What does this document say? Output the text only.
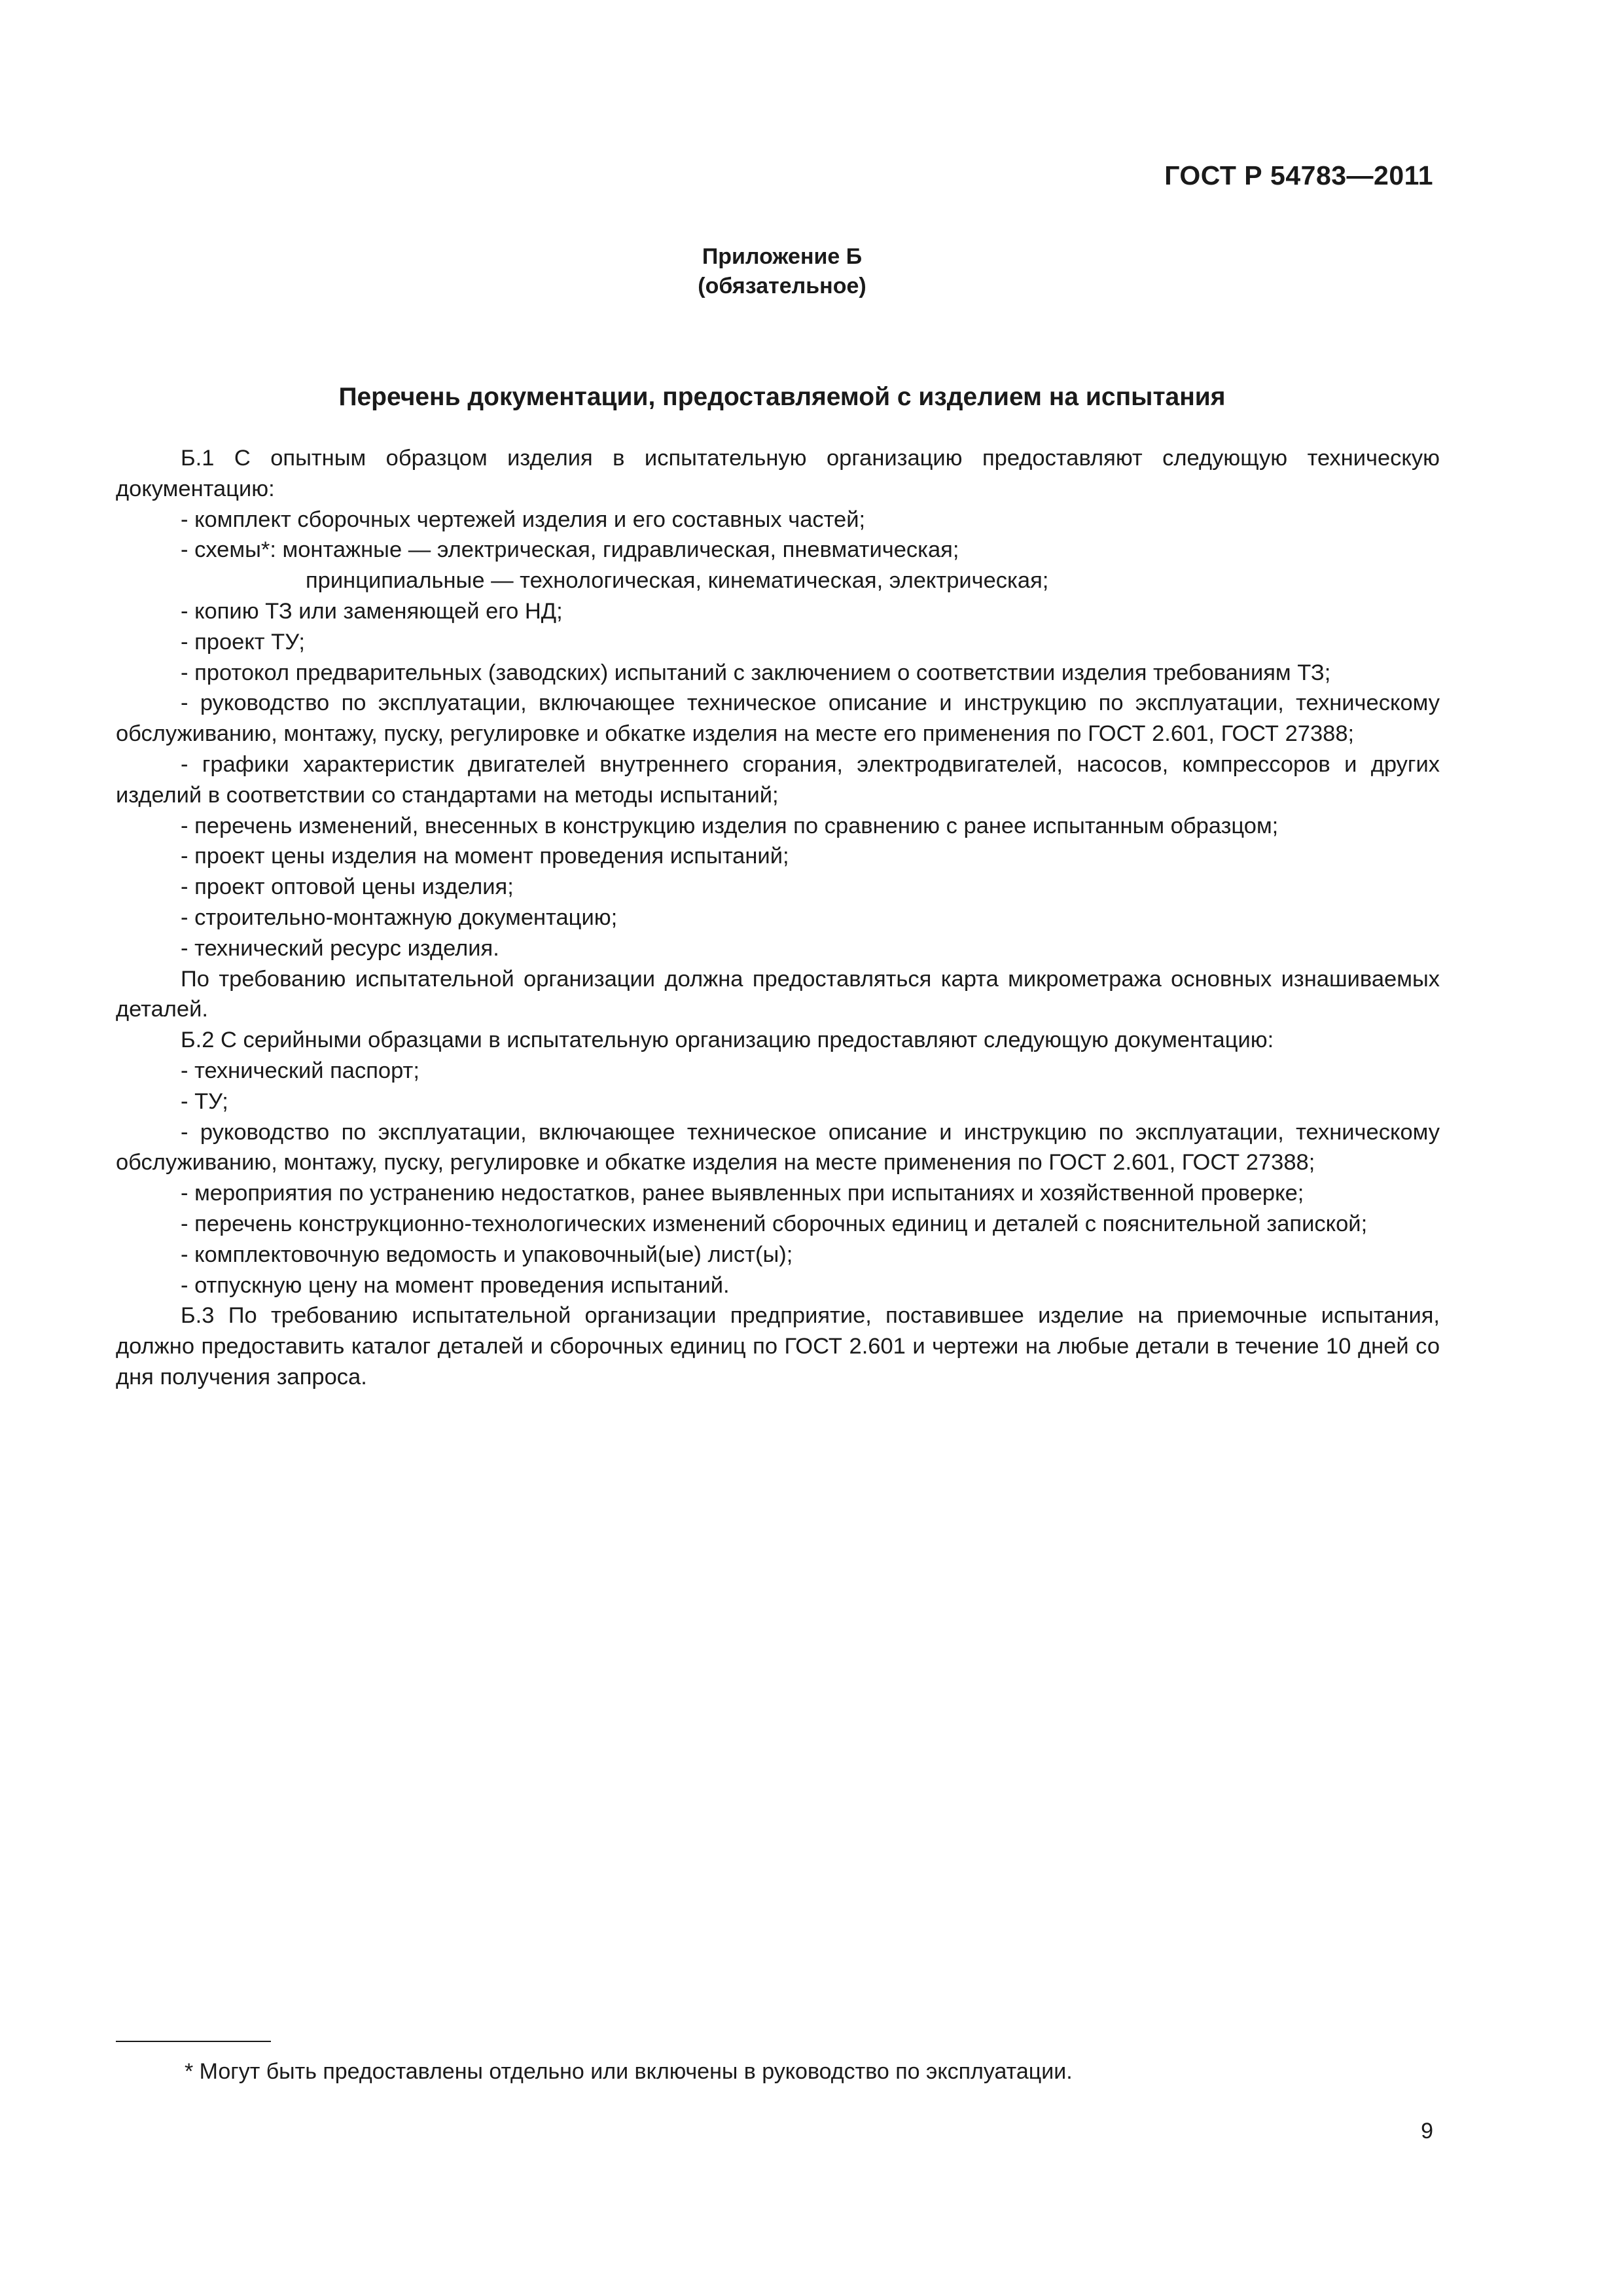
ГОСТ Р 54783—2011
Приложение Б
(обязательное)
Перечень документации, предоставляемой с изделием на испытания

Б.1 С опытным образцом изделия в испытательную организацию предоставляют следующую техническую документацию:

- комплект сборочных чертежей изделия и его составных частей;

- схемы*: монтажные — электрическая, гидравлическая, пневматическая;

принципиальные — технологическая, кинематическая, электрическая;

- копию ТЗ или заменяющей его НД;

- проект ТУ;

- протокол предварительных (заводских) испытаний с заключением о соответствии изделия требованиям ТЗ;

- руководство по эксплуатации, включающее техническое описание и инструкцию по эксплуатации, техническому обслуживанию, монтажу, пуску, регулировке и обкатке изделия на месте его применения по ГОСТ 2.601, ГОСТ 27388;

- графики характеристик двигателей внутреннего сгорания, электродвигателей, насосов, компрессоров и других изделий в соответствии со стандартами на методы испытаний;

- перечень изменений, внесенных в конструкцию изделия по сравнению с ранее испытанным образцом;

- проект цены изделия на момент проведения испытаний;

- проект оптовой цены изделия;

- строительно-монтажную документацию;

- технический ресурс изделия.

По требованию испытательной организации должна предоставляться карта микрометража основных изнашиваемых деталей.

Б.2 С серийными образцами в испытательную организацию предоставляют следующую документацию:

- технический паспорт;

- ТУ;

- руководство по эксплуатации, включающее техническое описание и инструкцию по эксплуатации, техническому обслуживанию, монтажу, пуску, регулировке и обкатке изделия на месте применения по ГОСТ 2.601, ГОСТ 27388;

- мероприятия по устранению недостатков, ранее выявленных при испытаниях и хозяйственной проверке;

- перечень конструкционно-технологических изменений сборочных единиц и деталей с пояснительной запиской;

- комплектовочную ведомость и упаковочный(ые) лист(ы);

- отпускную цену на момент проведения испытаний.

Б.3 По требованию испытательной организации предприятие, поставившее изделие на приемочные испытания, должно предоставить каталог деталей и сборочных единиц по ГОСТ 2.601 и чертежи на любые детали в течение 10 дней со дня получения запроса.

* Могут быть предоставлены отдельно или включены в руководство по эксплуатации.
9
